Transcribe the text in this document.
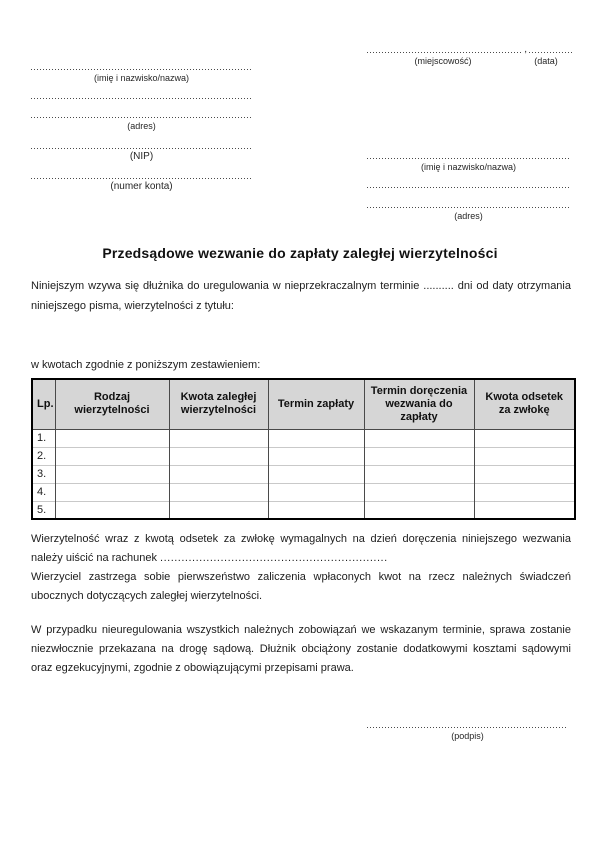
,
(miejscowość)	(data)
(imię i nazwisko/nazwa)
(adres)
(NIP)
(numer konta)
(imię i nazwisko/nazwa)
(adres)
Przedsądowe wezwanie do zapłaty zaległej wierzytelności
Niniejszym wzywa się dłużnika do uregulowania w nieprzekraczalnym terminie .......... dni od daty otrzymania
niniejszego pisma, wierzytelności z tytułu:
w kwotach zgodnie z poniższym zestawieniem:
Lp.	Rodzaj wierzytelności	Kwota zaległej wierzytelności	Termin zapłaty	Termin doręczenia wezwania do zapłaty	Kwota odsetek za zwłokę
1.					
2.					
3.					
4.					
5.					
Wierzytelność wraz z kwotą odsetek za zwłokę wymagalnych na dzień doręczenia niniejszego wezwania
należy uiścić na rachunek ................................................................
Wierzyciel zastrzega sobie pierwszeństwo zaliczenia wpłaconych kwot na rzecz należnych świadczeń
ubocznych dotyczących zaległej wierzytelności.
W przypadku nieuregulowania wszystkich należnych zobowiązań we wskazanym terminie, sprawa zostanie
niezwłocznie przekazana na drogę sądową. Dłużnik obciążony zostanie dodatkowymi kosztami sądowymi
oraz egzekucyjnymi, zgodnie z obowiązującymi przepisami prawa.
(podpis)
